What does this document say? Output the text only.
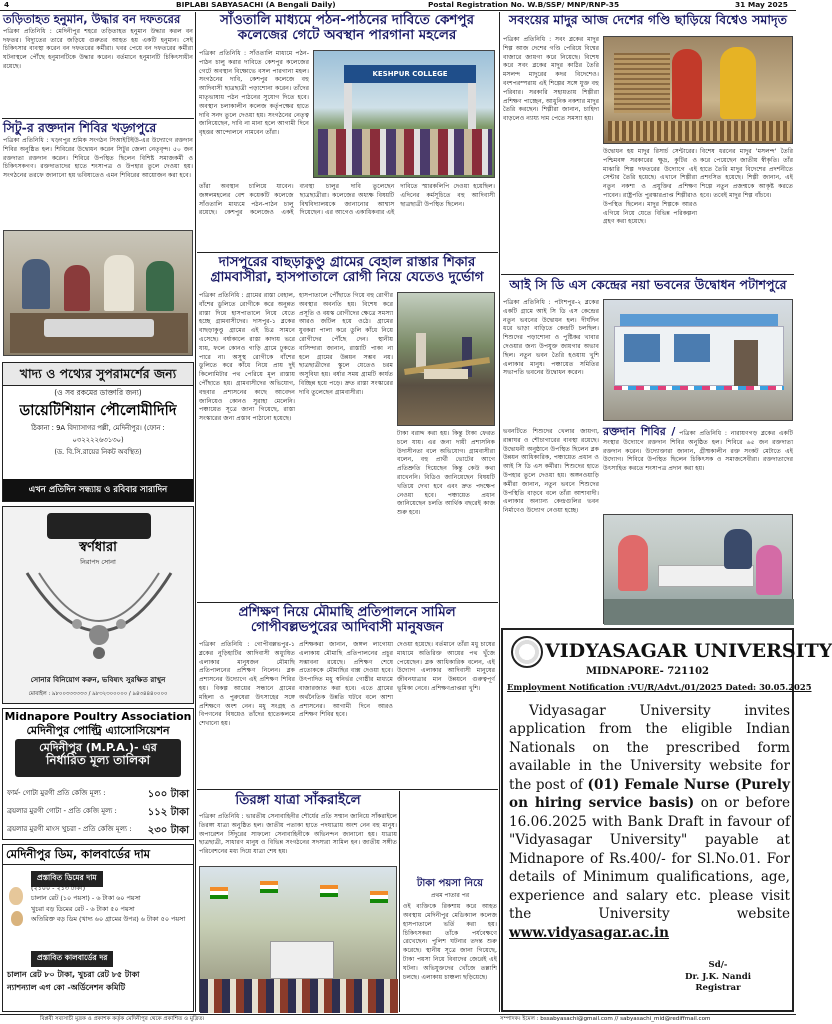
4	BIPLABI SABYASACHI (A Bengali Daily)	Postal Registration No. W.B/SSP/ MNP/RNP-35	31 May 2025
তড়িতাহত হনুমান, উদ্ধার বন দফতরের
পত্রিকা প্রতিনিধি : মেদিনীপুর শহরে তড়িতাহত হনুমান উদ্ধার করল বন দফতর। বিদ্যুতের তারে জড়িয়ে গুরুতর আহত হয় একটি হনুমান। সেই চিকিৎসার ব্যবস্থা করেন বন দফতরের কর্মীরা। খবর পেয়ে বন দফতরের কর্মীরা ঘটনাস্থলে পৌঁছে হনুমানটিকে উদ্ধার করেন। বর্তমানে হনুমানটি চিকিৎসাধীন রয়েছে।
সিটু-র রক্তদান শিবির খড়্গপুরে
পত্রিকা প্রতিনিধি : খড়্গপুর শ্রমিক সংগঠন সিআইটিইউ-এর উদ্যোগে রক্তদান শিবির অনুষ্ঠিত হল। শিবিরের উদ্বোধন করেন সিটুর জেলা নেতৃবৃন্দ। ৫০ জন রক্তদাতা রক্তদান করেন। শিবিরে উপস্থিত ছিলেন বিশিষ্ট সমাজকর্মী ও চিকিৎসকগণ। রক্তদাতাদের হাতে শংসাপত্র ও উপহার তুলে দেওয়া হয়। সংগঠনের তরফে জানানো হয় ভবিষ্যতেও এমন শিবিরের আয়োজন করা হবে।
খাদ্য ও পথ্যের সুপরামর্শের জন্য
(ও সব রকমের ডাক্তারি জন্য)
ডায়েটিশিয়ান পৌলোমীদিদি
ঠিকানা : 9A বিদ্যাসাগর পল্লী, মেদিনীপুর। (ফোন : ০৩২২২২৬৩১৩০)
(ড. বি.সি.রায়ের নিকট অবস্থিত)
এখন প্রতিদিন সন্ধ্যায় ও রবিবার সারাদিন
স্বর্ণধারা
নিরাপদ সোনা
সোনার বিনিয়োগ করুন, ভবিষ্যৎ সুরক্ষিত রাখুন
মোবাইল : ৯৮০০৩৩৩৩৩৩ / ৯৮৩২৩০০০০০ / ৯৪৩৪৪৪০০০০
Midnapore Poultry Association
মেদিনীপুর পোল্ট্রি এ্যাসোসিয়েশন
মেদিনীপুর (M.P.A.)- এর
নির্ধারিত মূল্য তালিকা
ফার্ম- গোটা মুরগী প্রতি কেজি মূল্য :	১০০ টাকা
ব্রয়লার মুরগী গোটা - প্রতি কেজি মূল্য :	১১২ টাকা
ব্রয়লার মুরগী মাংস খুচরা - প্রতি কেজি মূল্য : ২৩০ টাকা
মেদিনীপুর ডিম, কালবার্ডের দাম
প্রস্তাবিত ডিমের দাম
(২১০০ - ২১৩ টাকা)
চালান রেট (১০ পয়সা) - ৬ টাকা ৬০ পয়সা
খুচরা বড় ডিমের রেট - ৬ টাকা ৫০ পয়সা
অতিরিক্ত বড় ডিম (খাদ্য ৬০ গ্রামের উপর) ৬ টাকা ৫০ পয়সা
প্রস্তাবিত কালবার্ডের দর
চালান রেট ৮০ টাকা, খুচরা রেট ৮৫ টাকা
ন্যাশন্যাল এগ কো -অর্ডিনেশন কমিটি
সাঁওতালি মাধ্যমে পঠন-পাঠনের দাবিতে কেশপুর কলেজের গেটে অবস্থান পারগানা মহলের
পত্রিকা প্রতিনিধি : সাঁওতালি মাধ্যমে পঠন-পাঠন চালু করার দাবিতে কেশপুর কলেজের গেটে অবস্থান বিক্ষোভে বসল পারগানা মহল। সংগঠনের দাবি, কেশপুর কলেজে বহু আদিবাসী ছাত্রছাত্রী পড়াশোনা করেন। তাঁদের মাতৃভাষায় পঠন পাঠনের সুযোগ দিতে হবে। অবস্থান চলাকালীন কলেজ কর্তৃপক্ষের হাতে দাবি সনদ তুলে দেওয়া হয়। সংগঠনের নেতৃত্ব জানিয়েছেন, দাবি না মানা হলে আগামী দিনে বৃহত্তর আন্দোলনে নামবেন তাঁরা।
KESHPUR COLLEGE
তাঁরা অবস্থান চালিয়ে যাবেন। জঙ্গলমহলের বেশ কয়েকটি কলেজে সাঁওতালি মাধ্যমে পঠন-পাঠন চালু রয়েছে। কেশপুর কলেজেও একই ব্যবস্থা চালুর দাবি তুলেছেন ছাত্রছাত্রীরা। কলেজের অধ্যক্ষ বিষয়টি বিশ্ববিদ্যালয়কে জানানোর আশ্বাস দিয়েছেন। এর আগেও একাধিকবার এই দাবিতে স্মারকলিপি দেওয়া হয়েছিল। এদিনের কর্মসূচিতে বহু আদিবাসী ছাত্রছাত্রী উপস্থিত ছিলেন।
দাসপুরের বাছড়াকুণ্ডু গ্রামের বেহাল রাস্তার শিকার গ্রামবাসীরা, হাসপাতালে রোগী নিয়ে যেতেও দুর্ভোগ
পত্রিকা প্রতিনিধি : গ্রামের রাস্তা বেহাল, বাঁশের ডুলিতে রোগীকে করে অনুন্নত রাস্তা দিয়ে হাসপাতালে নিয়ে যেতে হচ্ছে গ্রামবাসীদের। দাসপুর-১ ব্লকের বাছড়াকুণ্ডু গ্রামের এই চিত্র সামনে এসেছে। বর্ষাকালে রাস্তা কাদায় ভরে যায়, ফলে কোনও গাড়ি গ্রামে ঢুকতে পারে না। অসুস্থ রোগীকে বাঁশের ডুলিতে করে কাঁধে নিয়ে প্রায় দুই কিলোমিটার পথ পেরিয়ে মূল রাস্তায় পৌঁছাতে হয়। গ্রামবাসীদের অভিযোগ, বহুবার প্রশাসনের কাছে আবেদন জানিয়েও কোনও সুরাহা মেলেনি। পঞ্চায়েত সূত্রে জানা গিয়েছে, রাস্তা সংস্কারের জন্য প্রস্তাব পাঠানো হয়েছে।
হাসপাতালে পৌঁছাতে গিয়ে বহু রোগীর অবস্থার অবনতি হয়। বিশেষ করে প্রসূতি ও বয়স্ক রোগীদের ক্ষেত্রে সমস্যা আরও জটিল হয়ে ওঠে। গ্রামের যুবকরা পালা করে ডুলি কাঁধে নিয়ে রোগীদের পৌঁছে দেন। স্থানীয় বাসিন্দারা জানান, রাস্তাটি পাকা না হলে গ্রামের উন্নয়ন সম্ভব নয়। ছাত্রছাত্রীদের স্কুলে যেতেও চরম অসুবিধা হয়। বর্ষার সময় গ্রামটি কার্যত বিচ্ছিন্ন হয়ে পড়ে। দ্রুত রাস্তা সংস্কারের দাবি তুলেছেন গ্রামবাসীরা।
টাকা বরাদ্দ করা হয়। কিন্তু টাকা ফেরত চলে যায়। এর জন্য দায়ী প্রশাসনিক উদাসীনতা বলে অভিযোগ। গ্রামবাসীরা বলেন, বহু প্রার্থী ভোটের আগে প্রতিশ্রুতি দিয়েছেন কিন্তু কেউ কথা রাখেননি। বিডিও জানিয়েছেন বিষয়টি খতিয়ে দেখা হবে এবং দ্রুত পদক্ষেপ নেওয়া হবে। পঞ্চায়েত প্রধান জানিয়েছেন চলতি আর্থিক বছরেই কাজ শুরু হবে।
প্রশিক্ষণ নিয়ে মৌমাছি প্রতিপালনে সামিল গোপীবল্লভপুরের আদিবাসী মানুষজন
পত্রিকা প্রতিনিধি : গোপীবল্লভপুর-১ ব্লকের নুড়িহাটির আদিবাসী অধ্যুষিত এলাকার মানুষজন মৌমাছি প্রতিপালনের প্রশিক্ষণ নিলেন। ব্লক প্রশাসনের উদ্যোগে এই প্রশিক্ষণ শিবির হয়। বিকল্প আয়ের সন্ধানে গ্রামের মহিলা ও পুরুষেরা উৎসাহের সঙ্গে প্রশিক্ষণে অংশ নেন। মধু সংগ্রহ ও বিপণনের বিষয়েও তাঁদের হাতেকলমে শেখানো হয়।
প্রশিক্ষকরা জানান, জঙ্গল লাগোয়া এলাকায় মৌমাছি প্রতিপালনের প্রচুর সম্ভাবনা রয়েছে। প্রশিক্ষণ শেষে প্রত্যেককে মৌমাছির বাক্স দেওয়া হবে। উৎপাদিত মধু স্বনির্ভর গোষ্ঠীর মাধ্যমে বাজারজাত করা হবে। এতে গ্রামের অর্থনৈতিক উন্নতি ঘটবে বলে আশা প্রশাসনের। আগামী দিনে আরও প্রশিক্ষণ শিবির হবে।
দেওয়া হয়েছে। বর্তমানে তাঁরা মধু চাষের মাধ্যমে অতিরিক্ত আয়ের পথ খুঁজে পেয়েছেন। ব্লক আধিকারিক বলেন, এই উদ্যোগ এলাকার আদিবাসী মানুষের জীবনযাত্রার মান উন্নয়নে গুরুত্বপূর্ণ ভূমিকা নেবে। প্রশিক্ষণপ্রাপ্তরা খুশি।
তিরঙ্গা যাত্রা সাঁকরাইলে
পত্রিকা প্রতিনিধি : ভারতীয় সেনাবাহিনীর শৌর্যের প্রতি সম্মান জানিয়ে সাঁকরাইলে তিরঙ্গা যাত্রা অনুষ্ঠিত হল। জাতীয় পতাকা হাতে পদযাত্রায় অংশ নেন বহু মানুষ। অপারেশন সিঁদুরের সাফল্যে সেনাবাহিনীকে অভিনন্দন জানানো হয়। যাত্রায় ছাত্রছাত্রী, সাধারণ মানুষ ও বিভিন্ন সংগঠনের সদস্যরা সামিল হন। জাতীয় সঙ্গীত পরিবেশনের মধ্য দিয়ে যাত্রা শেষ হয়।
টাকা পয়সা নিয়ে
প্রথম পাতার পর
ওই ব্যক্তিকে রিকশায় করে আহত অবস্থায় মেদিনীপুর মেডিক্যাল কলেজ হাসপাতালে ভর্তি করা হয়। চিকিৎসকরা তাঁকে পর্যবেক্ষণে রেখেছেন। পুলিশ ঘটনার তদন্ত শুরু করেছে। স্থানীয় সূত্রে জানা গিয়েছে, টাকা পয়সা নিয়ে বিবাদের জেরেই এই ঘটনা। অভিযুক্তদের খোঁজে তল্লাশি চলছে। এলাকায় চাঞ্চল্য ছড়িয়েছে।
সবংয়ের মাদুর আজ দেশের গণ্ডি ছাড়িয়ে বিশ্বেও সমাদৃত
পত্রিকা প্রতিনিধি : সবং ব্লকের মাদুর শিল্প আজ দেশের গণ্ডি পেরিয়ে বিশ্বের বাজারে জায়গা করে নিয়েছে। বিশেষ করে সবং ব্লকের মাদুর কাঠির তৈরি মসলন্দ মাদুরের কদর বিদেশেও। বংশপরম্পরায় এই শিল্পের সঙ্গে যুক্ত বহু পরিবার। সরকারি সহায়তায় শিল্পীরা প্রশিক্ষণ পাচ্ছেন, আধুনিক নকশার মাদুর তৈরি করছেন। শিল্পীরা জানান, চাহিদা বাড়লেও ন্যায্য দাম পেতে সমস্যা হয়।
উদ্বোধন হয় মাদুর রিসার্চ সেন্টারের। পশ্চিমবঙ্গ সরকারের ক্ষুদ্র, কুটির ও মাঝারি শিল্প দফতরের উদ্যোগে এই সেন্টার তৈরি হয়েছে। এখানে শিল্পীরা নতুন নকশা ও প্রযুক্তির প্রশিক্ষণ পাবেন। রাষ্ট্রপতি পুরস্কারপ্রাপ্ত শিল্পীরাও উপস্থিত ছিলেন। মাদুর শিল্পকে আরও এগিয়ে নিয়ে যেতে বিভিন্ন পরিকল্পনা গ্রহণ করা হয়েছে।
বিশেষ ধরনের মাদুর 'মসলন্দ' তৈরি করে পেয়েছেন জাতীয় স্বীকৃতি। তাঁর হাতে তৈরি মাদুর বিদেশের প্রদর্শনীতে প্রশংসিত হয়েছে। শিল্পী জানান, এই শিল্পে নতুন প্রজন্মকে আকৃষ্ট করতে হবে। তবেই মাদুর শিল্প বাঁচবে।
আই সি ডি এস কেন্দ্রের নয়া ভবনের উদ্বোধন পটাশপুরে
পত্রিকা প্রতিনিধি : পটাশপুর-২ ব্লকের একটি গ্রামে আই সি ডি এস কেন্দ্রের নতুন ভবনের উদ্বোধন হল। দীর্ঘদিন ধরে ভাড়া বাড়িতে কেন্দ্রটি চলছিল। শিশুদের পড়াশোনা ও পুষ্টিকর খাবার দেওয়ার জন্য উপযুক্ত জায়গার অভাব ছিল। নতুন ভবন তৈরি হওয়ায় খুশি এলাকার মানুষ। পঞ্চায়েত সমিতির সভাপতি ভবনের উদ্বোধন করেন।
ভবনটিতে শিশুদের খেলার জায়গা, রান্নাঘর ও শৌচাগারের ব্যবস্থা রয়েছে। উদ্বোধনী অনুষ্ঠানে উপস্থিত ছিলেন ব্লক উন্নয়ন আধিকারিক, পঞ্চায়েত প্রধান ও আই সি ডি এস কর্মীরা। শিশুদের হাতে উপহার তুলে দেওয়া হয়। অঙ্গনওয়াড়ি কর্মীরা জানান, নতুন ভবনে শিশুদের উপস্থিতি বাড়বে বলে তাঁরা আশাবাদী। এলাকার অন্যান্য কেন্দ্রগুলির ভবন নির্মাণেও উদ্যোগ নেওয়া হচ্ছে।
রক্তদান শিবির / পত্রিকা প্রতিনিধি : নারায়ণগড় ব্লকের একটি সংস্থার উদ্যোগে রক্তদান শিবির অনুষ্ঠিত হল। শিবিরে ৬৫ জন রক্তদাতা রক্তদান করেন। উদ্যোক্তারা জানান, গ্রীষ্মকালীন রক্ত সংকট মেটাতে এই উদ্যোগ। শিবিরে উপস্থিত ছিলেন চিকিৎসক ও সমাজসেবীরা। রক্তদাতাদের উৎসাহিত করতে শংসাপত্র প্রদান করা হয়।
VIDYASAGAR UNIVERSITY
MIDNAPORE- 721102
Employment Notification :VU/R/Advt./01/2025 Dated: 30.05.2025
Vidyasagar University invites application from the eligible Indian Nationals on the prescribed form available in the University website for the post of (01) Female Nurse (Purely on hiring service basis) on or before 16.06.2025 with Bank Draft in favour of "Vidyasagar University" payable at Midnapore of Rs.400/- for Sl.No.01. For details of Minimum qualifications, age, experience and salary etc. please visit the University website www.vidyasagar.ac.in
Sd/-
Dr. J.K. Nandi
Registrar
বিপ্লবী সব্যসাচী মুদ্রক ও প্রকাশক কর্তৃক মেদিনীপুর থেকে প্রকাশিত ও মুদ্রিত।	সম্পাদক। ইমেল : bssabyasachi@gmail.com // sabyasachi_mid@rediffmail.com
